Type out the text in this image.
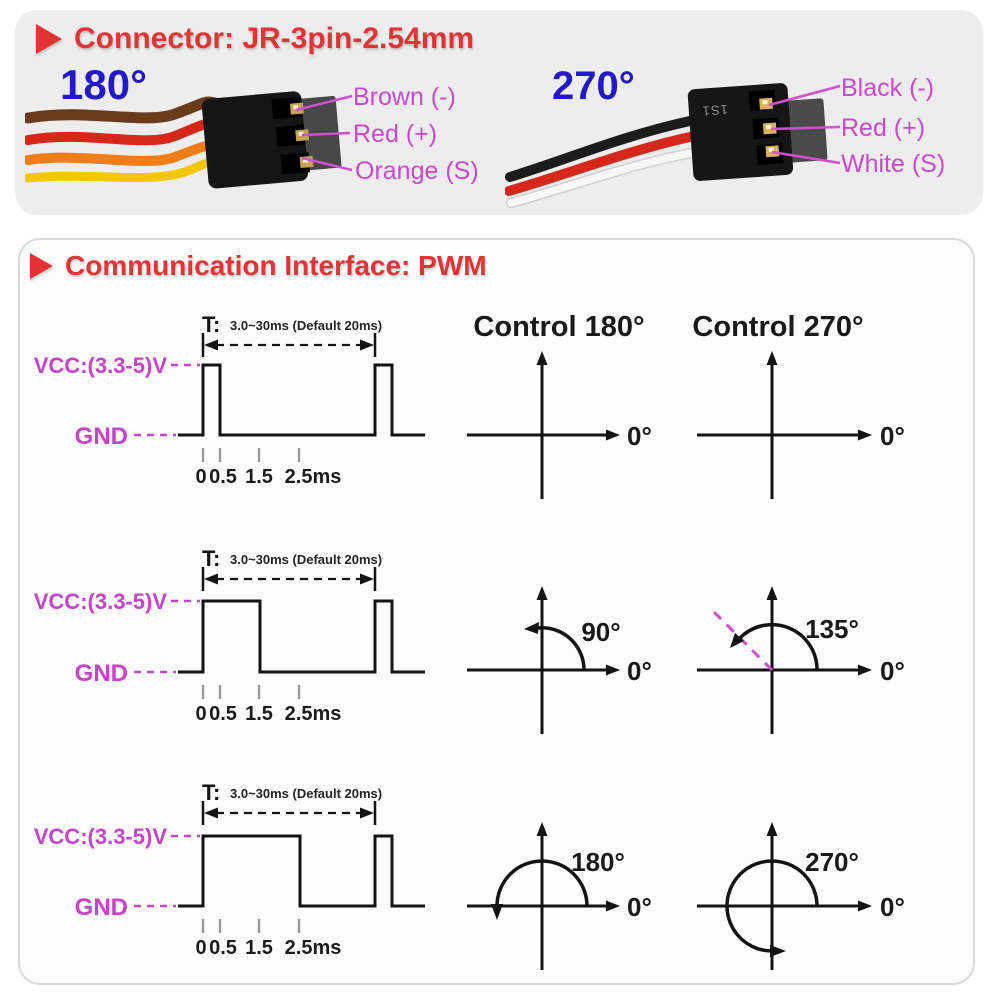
Connector: JR-3pin-2.54mm
180°	Brown (-)
Red (+)
Orange (S)
270°
1S1
Black (-)
Red (+)
White (S)
Communication Interface: PWM
Control 180° Control 270°
T: 3.0~30ms (Default 20ms)
VCC:(3.3-5)V
GND
0 0.5 1.5 2.5ms
0°	0°
T: 3.0~30ms (Default 20ms)
VCC:(3.3-5)V
GND
0 0.5 1.5 2.5ms
0°
90°
0°
135°
T: 3.0~30ms (Default 20ms)
VCC:(3.3-5)V
GND
0 0.5 1.5 2.5ms
0°
180°
0°
270°
